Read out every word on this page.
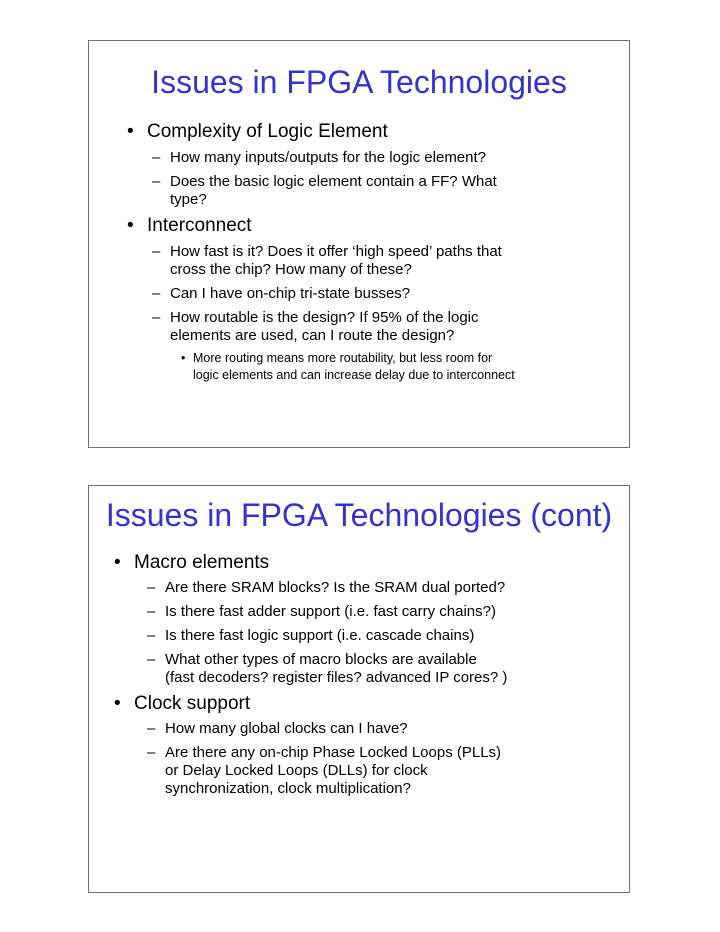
Issues in FPGA Technologies
• Complexity of Logic Element
– How many inputs/outputs for the logic element?
– Does the basic logic element contain a FF? What
type?
• Interconnect
– How fast is it? Does it offer ‘high speed’ paths that
cross the chip? How many of these?
– Can I have on-chip tri-state busses?
– How routable is the design? If 95% of the logic
elements are used, can I route the design?
• More routing means more routability, but less room for
logic elements and can increase delay due to interconnect
Issues in FPGA Technologies (cont)
• Macro elements
– Are there SRAM blocks? Is the SRAM dual ported?
– Is there fast adder support (i.e. fast carry chains?)
– Is there fast logic support (i.e. cascade chains)
– What other types of macro blocks are available
(fast decoders? register files? advanced IP cores? )
• Clock support
– How many global clocks can I have?
– Are there any on-chip Phase Locked Loops (PLLs)
or Delay Locked Loops (DLLs) for clock
synchronization, clock multiplication?
